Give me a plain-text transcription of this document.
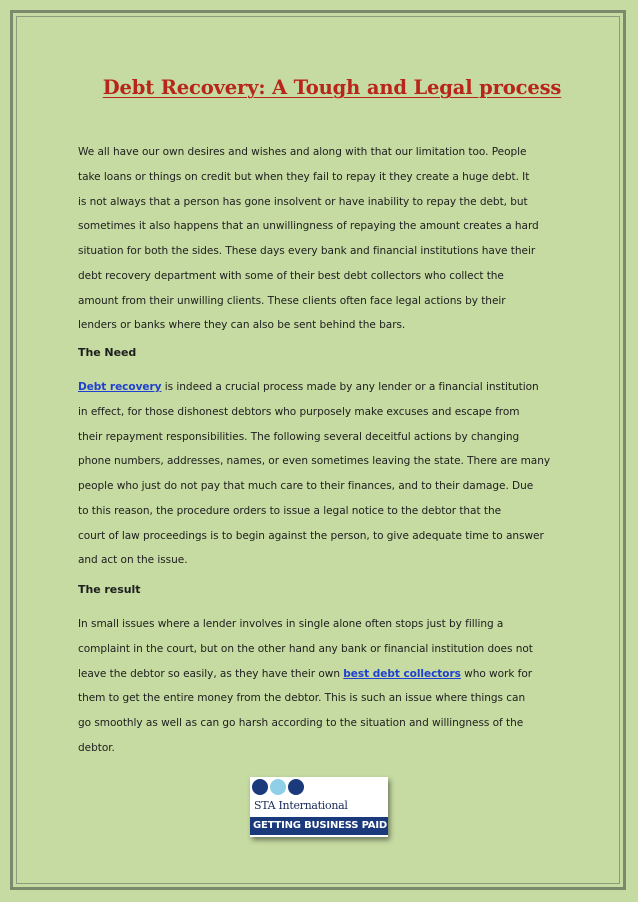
Debt Recovery: A Tough and Legal process

We all have our own desires and wishes and along with that our limitation too. People

take loans or things on credit but when they fail to repay it they create a huge debt. It

is not always that a person has gone insolvent or have inability to repay the debt, but

sometimes it also happens that an unwillingness of repaying the amount creates a hard

situation for both the sides. These days every bank and financial institutions have their

debt recovery department with some of their best debt collectors who collect the

amount from their unwilling clients. These clients often face legal actions by their

lenders or banks where they can also be sent behind the bars.

The Need

Debt recovery is indeed a crucial process made by any lender or a financial institution

in effect, for those dishonest debtors who purposely make excuses and escape from

their repayment responsibilities. The following several deceitful actions by changing

phone numbers, addresses, names, or even sometimes leaving the state. There are many

people who just do not pay that much care to their finances, and to their damage. Due

to this reason, the procedure orders to issue a legal notice to the debtor that the

court of law proceedings is to begin against the person, to give adequate time to answer

and act on the issue.

The result

In small issues where a lender involves in single alone often stops just by filling a

complaint in the court, but on the other hand any bank or financial institution does not

leave the debtor so easily, as they have their own best debt collectors who work for

them to get the entire money from the debtor. This is such an issue where things can

go smoothly as well as can go harsh according to the situation and willingness of the

debtor.

STA International
GETTING BUSINESS PAID
